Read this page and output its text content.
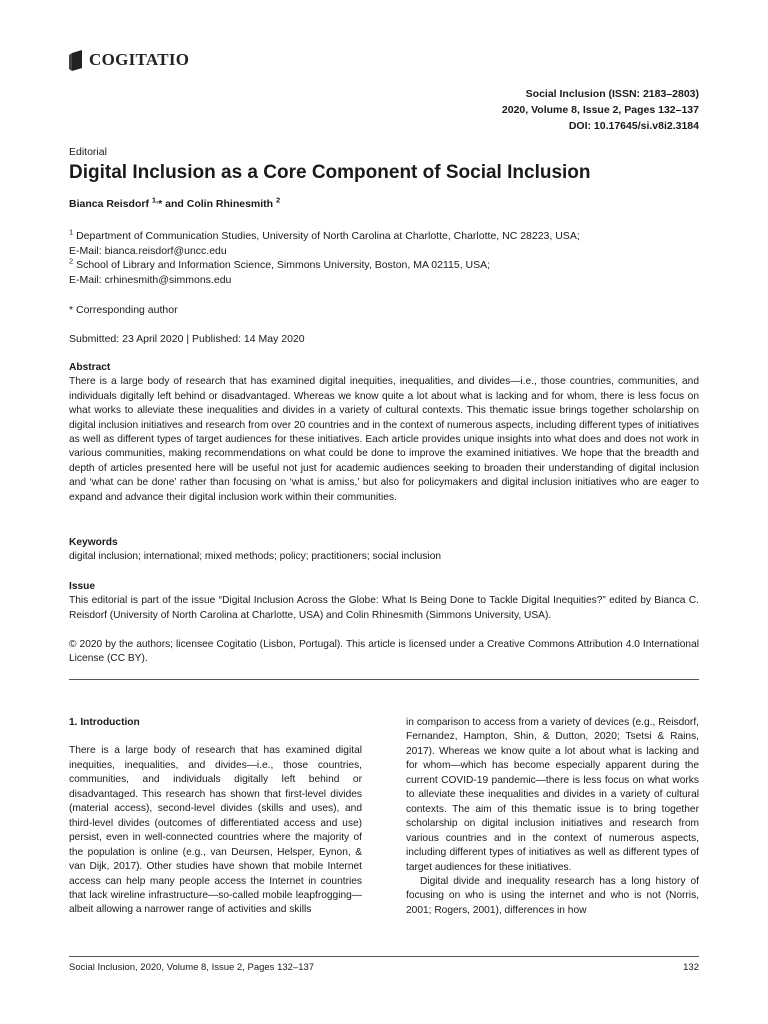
COGITATIO
Social Inclusion (ISSN: 2183–2803)
2020, Volume 8, Issue 2, Pages 132–137
DOI: 10.17645/si.v8i2.3184
Editorial
Digital Inclusion as a Core Component of Social Inclusion
Bianca Reisdorf $^{1,}$* and Colin Rhinesmith $^2$
$^1$ Department of Communication Studies, University of North Carolina at Charlotte, Charlotte, NC 28223, USA;
E-Mail: bianca.reisdorf@uncc.edu
$^2$ School of Library and Information Science, Simmons University, Boston, MA 02115, USA;
E-Mail: crhinesmith@simmons.edu
* Corresponding author
Submitted: 23 April 2020 | Published: 14 May 2020
Abstract
There is a large body of research that has examined digital inequities, inequalities, and divides—i.e., those countries, communities, and individuals digitally left behind or disadvantaged. Whereas we know quite a lot about what is lacking and for whom, there is less focus on what works to alleviate these inequalities and divides in a variety of cultural contexts. This thematic issue brings together scholarship on digital inclusion initiatives and research from over 20 countries and in the context of numerous aspects, including different types of initiatives as well as different types of target audiences for these initiatives. Each article provides unique insights into what does and does not work in various communities, making recommendations on what could be done to improve the examined initiatives. We hope that the breadth and depth of articles presented here will be useful not just for academic audiences seeking to broaden their understanding of digital inclusion and ‘what can be done’ rather than focusing on ‘what is amiss,’ but also for policymakers and digital inclusion initiatives who are eager to expand and advance their digital inclusion work within their communities.
Keywords
digital inclusion; international; mixed methods; policy; practitioners; social inclusion
Issue
This editorial is part of the issue “Digital Inclusion Across the Globe: What Is Being Done to Tackle Digital Inequities?” edited by Bianca C. Reisdorf (University of North Carolina at Charlotte, USA) and Colin Rhinesmith (Simmons University, USA).
© 2020 by the authors; licensee Cogitatio (Lisbon, Portugal). This article is licensed under a Creative Commons Attribution 4.0 International License (CC BY).
1. Introduction

There is a large body of research that has examined digital inequities, inequalities, and divides—i.e., those countries, communities, and individuals digitally left behind or disadvantaged. This research has shown that first-level divides (material access), second-level divides (skills and uses), and third-level divides (outcomes of differentiated access and use) persist, even in well-connected countries where the majority of the population is online (e.g., van Deursen, Helsper, Eynon, & van Dijk, 2017). Other studies have shown that mobile Internet access can help many people access the Internet in countries that lack wireline infrastructure—so-called mobile leapfrogging—albeit allowing a narrower range of activities and skills

in comparison to access from a variety of devices (e.g., Reisdorf, Fernandez, Hampton, Shin, & Dutton, 2020; Tsetsi & Rains, 2017). Whereas we know quite a lot about what is lacking and for whom—which has become especially apparent during the current COVID-19 pandemic—there is less focus on what works to alleviate these inequalities and divides in a variety of cultural contexts. The aim of this thematic issue is to bring together scholarship on digital inclusion initiatives and research from various countries and in the context of numerous aspects, including different types of initiatives as well as different types of target audiences for these initiatives.

Digital divide and inequality research has a long history of focusing on who is using the internet and who is not (Norris, 2001; Rogers, 2001), differences in how

Social Inclusion, 2020, Volume 8, Issue 2, Pages 132–137	132
